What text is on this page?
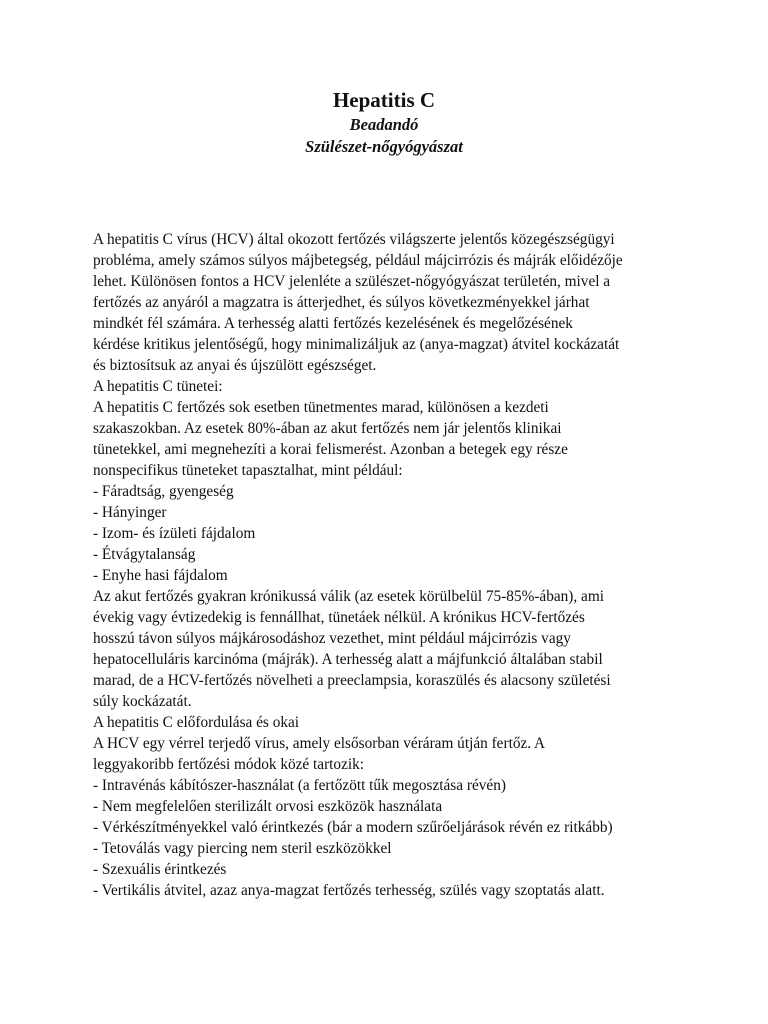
Hepatitis C

Beadandó

Szülészet-nőgyógyászat

A hepatitis C vírus (HCV) által okozott fertőzés világszerte jelentős közegészségügyi
probléma, amely számos súlyos májbetegség, például májcirrózis és májrák előidézője
lehet. Különösen fontos a HCV jelenléte a szülészet-nőgyógyászat területén, mivel a
fertőzés az anyáról a magzatra is átterjedhet, és súlyos következményekkel járhat
mindkét fél számára. A terhesség alatti fertőzés kezelésének és megelőzésének
kérdése kritikus jelentőségű, hogy minimalizáljuk az (anya-magzat) átvitel kockázatát
és biztosítsuk az anyai és újszülött egészséget.
A hepatitis C tünetei:
A hepatitis C fertőzés sok esetben tünetmentes marad, különösen a kezdeti
szakaszokban. Az esetek 80%-ában az akut fertőzés nem jár jelentős klinikai
tünetekkel, ami megnehezíti a korai felismerést. Azonban a betegek egy része
nonspecifikus tüneteket tapasztalhat, mint például:
- Fáradtság, gyengeség
- Hányinger
- Izom- és ízületi fájdalom
- Étvágytalanság
- Enyhe hasi fájdalom
Az akut fertőzés gyakran krónikussá válik (az esetek körülbelül 75-85%-ában), ami
évekig vagy évtizedekig is fennállhat, tünetáek nélkül. A krónikus HCV-fertőzés
hosszú távon súlyos májkárosodáshoz vezethet, mint például májcirrózis vagy
hepatocelluláris karcinóma (májrák). A terhesség alatt a májfunkció általában stabil
marad, de a HCV-fertőzés növelheti a preeclampsia, koraszülés és alacsony születési
súly kockázatát.
A hepatitis C előfordulása és okai
A HCV egy vérrel terjedő vírus, amely elsősorban véráram útján fertőz. A
leggyakoribb fertőzési módok közé tartozik:
- Intravénás kábítószer-használat (a fertőzött tűk megosztása révén)
- Nem megfelelően sterilizált orvosi eszközök használata
- Vérkészítményekkel való érintkezés (bár a modern szűrőeljárások révén ez ritkább)
- Tetoválás vagy piercing nem steril eszközökkel
- Szexuális érintkezés
- Vertikális átvitel, azaz anya-magzat fertőzés terhesség, szülés vagy szoptatás alatt.
